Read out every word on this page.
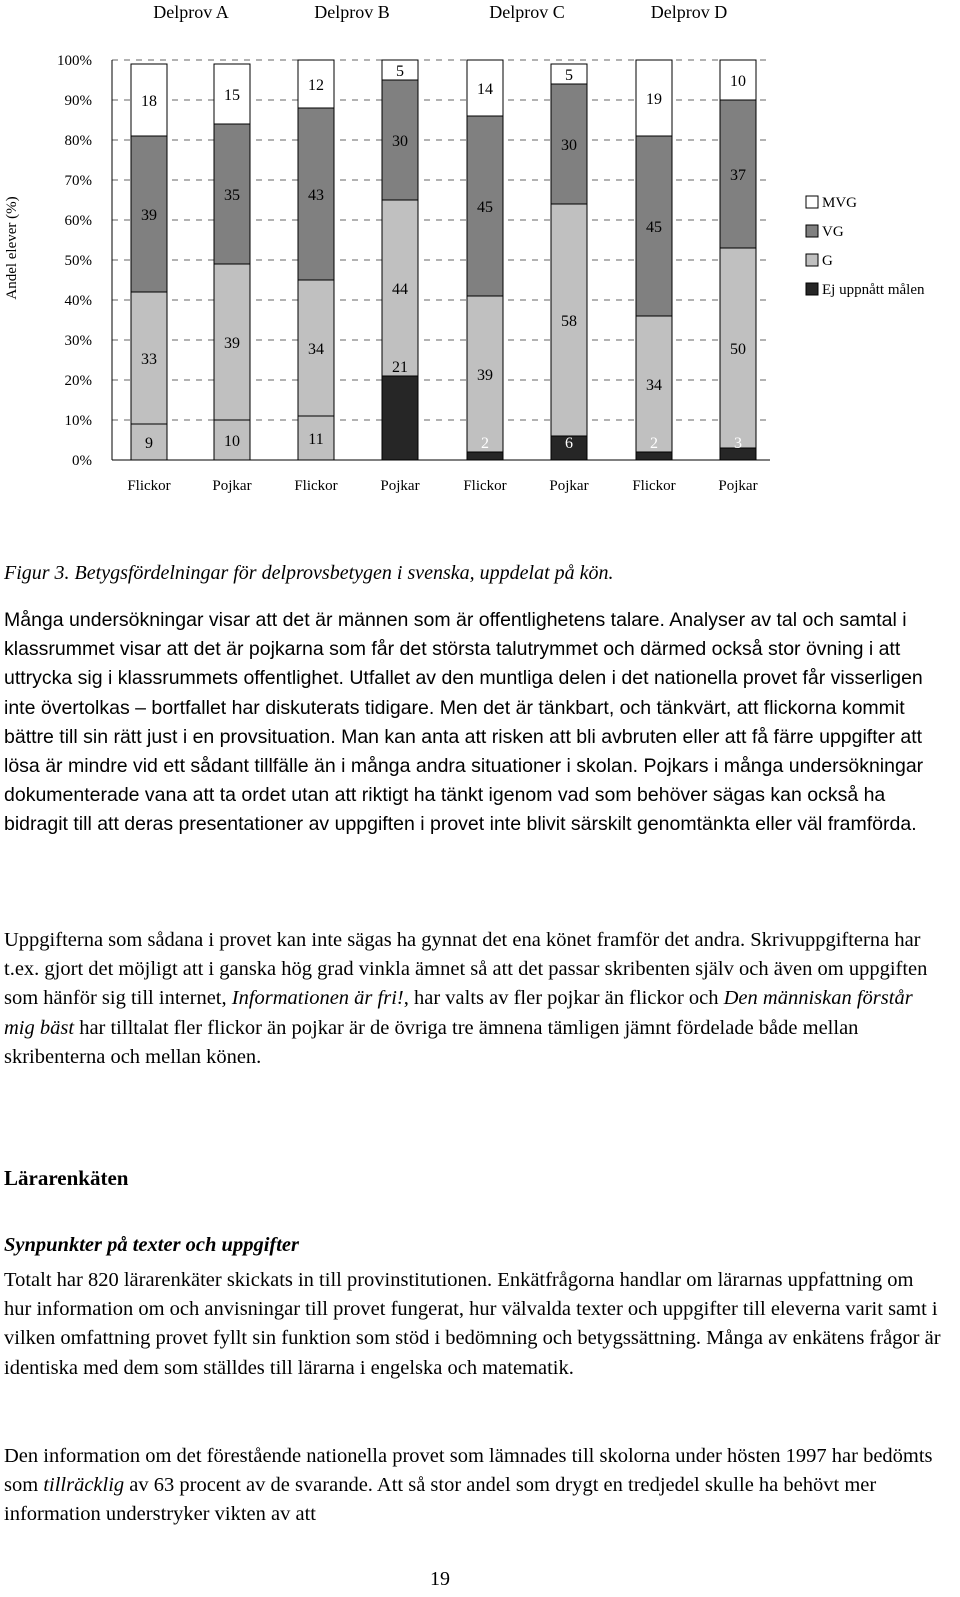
Delprov A	Delprov B	Delprov C	Delprov D
0%
10%
20%
30%
40%
50%
60%
70%
80%
90%
100%
Andel elever (%)
9
33
39
18
10
39
35
15
11
34
43
12
21
44
30
5
2
39
45
14
6
58
30
5
2
34
45
19
3
50
37
10
Flickor	Pojkar	Flickor	Pojkar	Flickor	Pojkar	Flickor	Pojkar
MVG
VG
G
Ej uppnått målen
Figur 3. Betygsfördelningar för delprovsbetygen i svenska, uppdelat på kön.

Många undersökningar visar att det är männen som är offentlighetens talare. Analyser av tal och samtal i klassrummet visar att det är pojkarna som får det största talutrymmet och därmed också stor övning i att uttrycka sig i klassrummets offentlighet. Utfallet av den muntliga delen i det nationella provet får visserligen inte övertolkas – bortfallet har diskuterats tidigare. Men det är tänkbart, och tänkvärt, att flickorna kommit bättre till sin rätt just i en provsituation. Man kan anta att risken att bli avbruten eller att få färre uppgifter att lösa är mindre vid ett sådant tillfälle än i många andra situationer i skolan. Pojkars i många undersökningar dokumenterade vana att ta ordet utan att riktigt ha tänkt igenom vad som behöver sägas kan också ha bidragit till att deras presentationer av uppgiften i provet inte blivit särskilt genomtänkta eller väl framförda.

Uppgifterna som sådana i provet kan inte sägas ha gynnat det ena könet framför det andra. Skrivuppgifterna har t.ex. gjort det möjligt att i ganska hög grad vinkla ämnet så att det passar skribenten själv och även om uppgiften som hänför sig till internet, Informationen är fri!, har valts av fler pojkar än flickor och Den människan förstår mig bäst har tilltalat fler flickor än pojkar är de övriga tre ämnena tämligen jämnt fördelade både mellan skribenterna och mellan könen.

Lärarenkäten
Synpunkter på texter och uppgifter

Totalt har 820 lärarenkäter skickats in till provinstitutionen. Enkätfrågorna handlar om lärarnas uppfattning om hur information om och anvisningar till provet fungerat, hur välvalda texter och uppgifter till eleverna varit samt i vilken omfattning provet fyllt sin funktion som stöd i bedömning och betygssättning. Många av enkätens frågor är identiska med dem som ställdes till lärarna i engelska och matematik.

Den information om det förestående nationella provet som lämnades till skolorna under hösten 1997 har bedömts som tillräcklig av 63 procent av de svarande. Att så stor andel som drygt en tredjedel skulle ha behövt mer information understryker vikten av att

19
